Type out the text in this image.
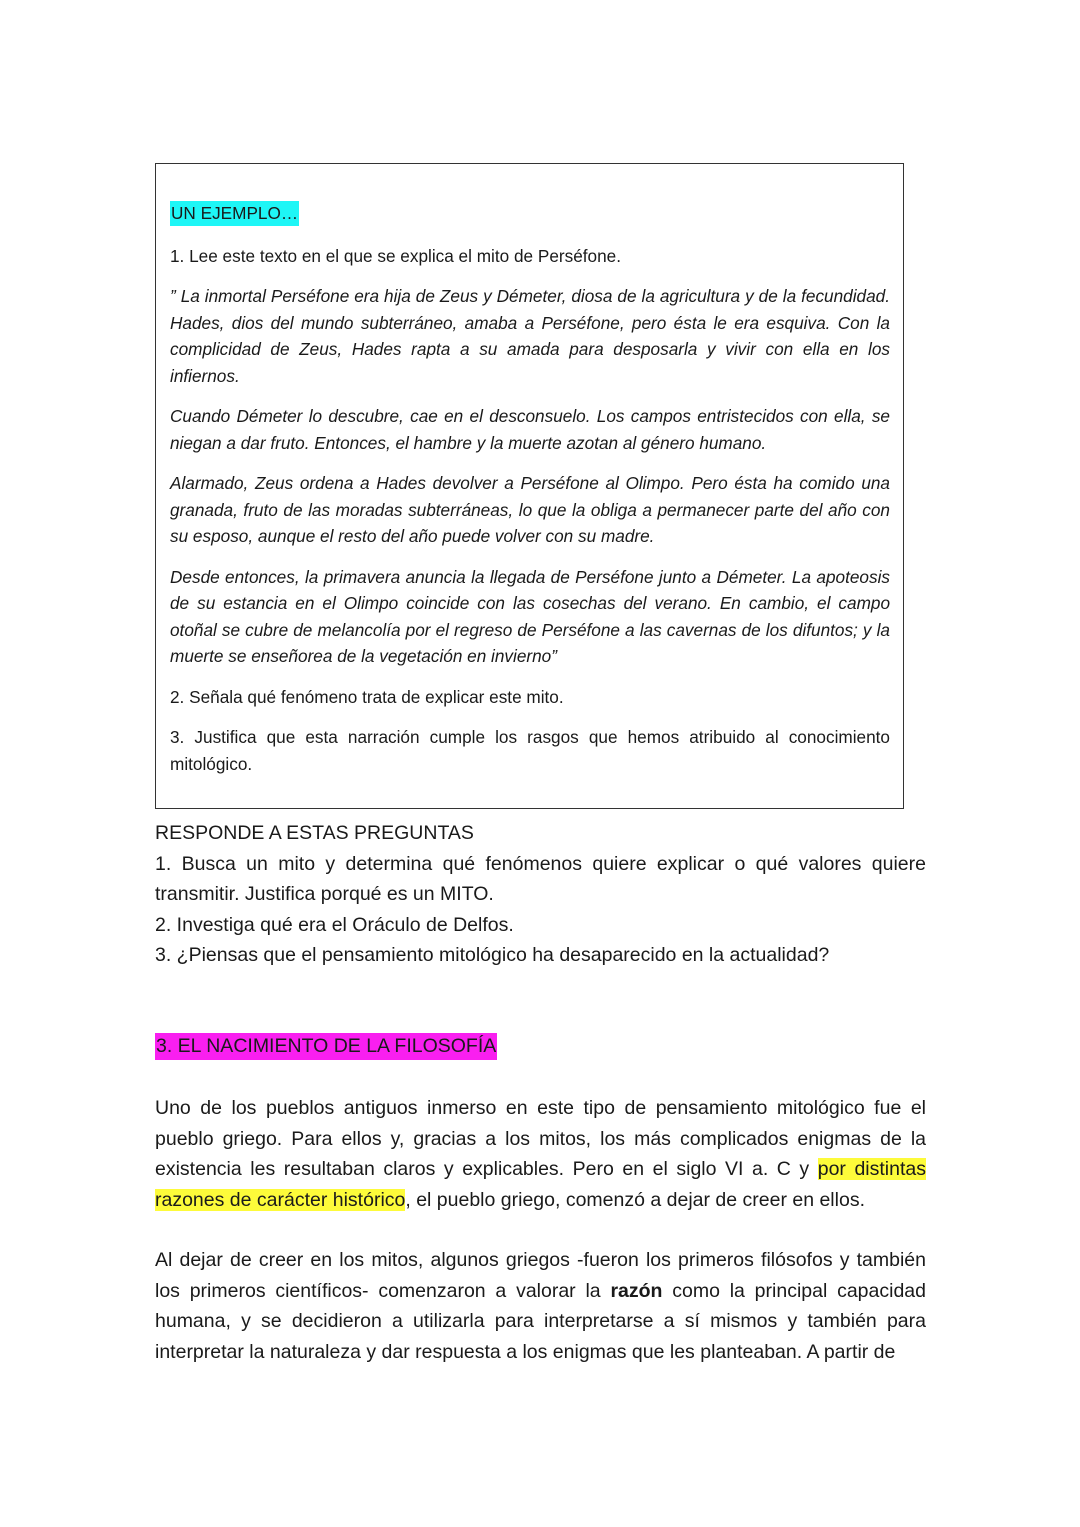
UN EJEMPLO…

1. Lee este texto en el que se explica el mito de Perséfone.

” La inmortal Perséfone era hija de Zeus y Démeter, diosa de la agricultura y de la fecundidad. Hades, dios del mundo subterráneo, amaba a Perséfone, pero ésta le era esquiva. Con la complicidad de Zeus, Hades rapta a su amada para desposarla y vivir con ella en los infiernos.

Cuando Démeter lo descubre, cae en el desconsuelo. Los campos entristecidos con ella, se niegan a dar fruto. Entonces, el hambre y la muerte azotan al género humano.

Alarmado, Zeus ordena a Hades devolver a Perséfone al Olimpo. Pero ésta ha comido una granada, fruto de las moradas subterráneas, lo que la obliga a permanecer parte del año con su esposo, aunque el resto del año puede volver con su madre.

Desde entonces, la primavera anuncia la llegada de Perséfone junto a Démeter. La apoteosis de su estancia en el Olimpo coincide con las cosechas del verano. En cambio, el campo otoñal se cubre de melancolía por el regreso de Perséfone a las cavernas de los difuntos; y la muerte se enseñorea de la vegetación en invierno”

2. Señala qué fenómeno trata de explicar este mito.

3. Justifica que esta narración cumple los rasgos que hemos atribuido al conocimiento mitológico.

RESPONDE A ESTAS PREGUNTAS

1. Busca un mito y determina qué fenómenos quiere explicar o qué valores quiere transmitir. Justifica porqué es un MITO.

2. Investiga qué era el Oráculo de Delfos.

3. ¿Piensas que el pensamiento mitológico ha desaparecido en la actualidad?

3. EL NACIMIENTO DE LA FILOSOFÍA

Uno de los pueblos antiguos inmerso en este tipo de pensamiento mitológico fue el pueblo griego. Para ellos y, gracias a los mitos, los más complicados enigmas de la existencia les resultaban claros y explicables. Pero en el siglo VI a. C y por distintas razones de carácter histórico, el pueblo griego, comenzó a dejar de creer en ellos.

Al dejar de creer en los mitos, algunos griegos -fueron los primeros filósofos y también los primeros científicos- comenzaron a valorar la razón como la principal capacidad humana, y se decidieron a utilizarla para interpretarse a sí mismos y también para interpretar la naturaleza y dar respuesta a los enigmas que les planteaban. A partir de
